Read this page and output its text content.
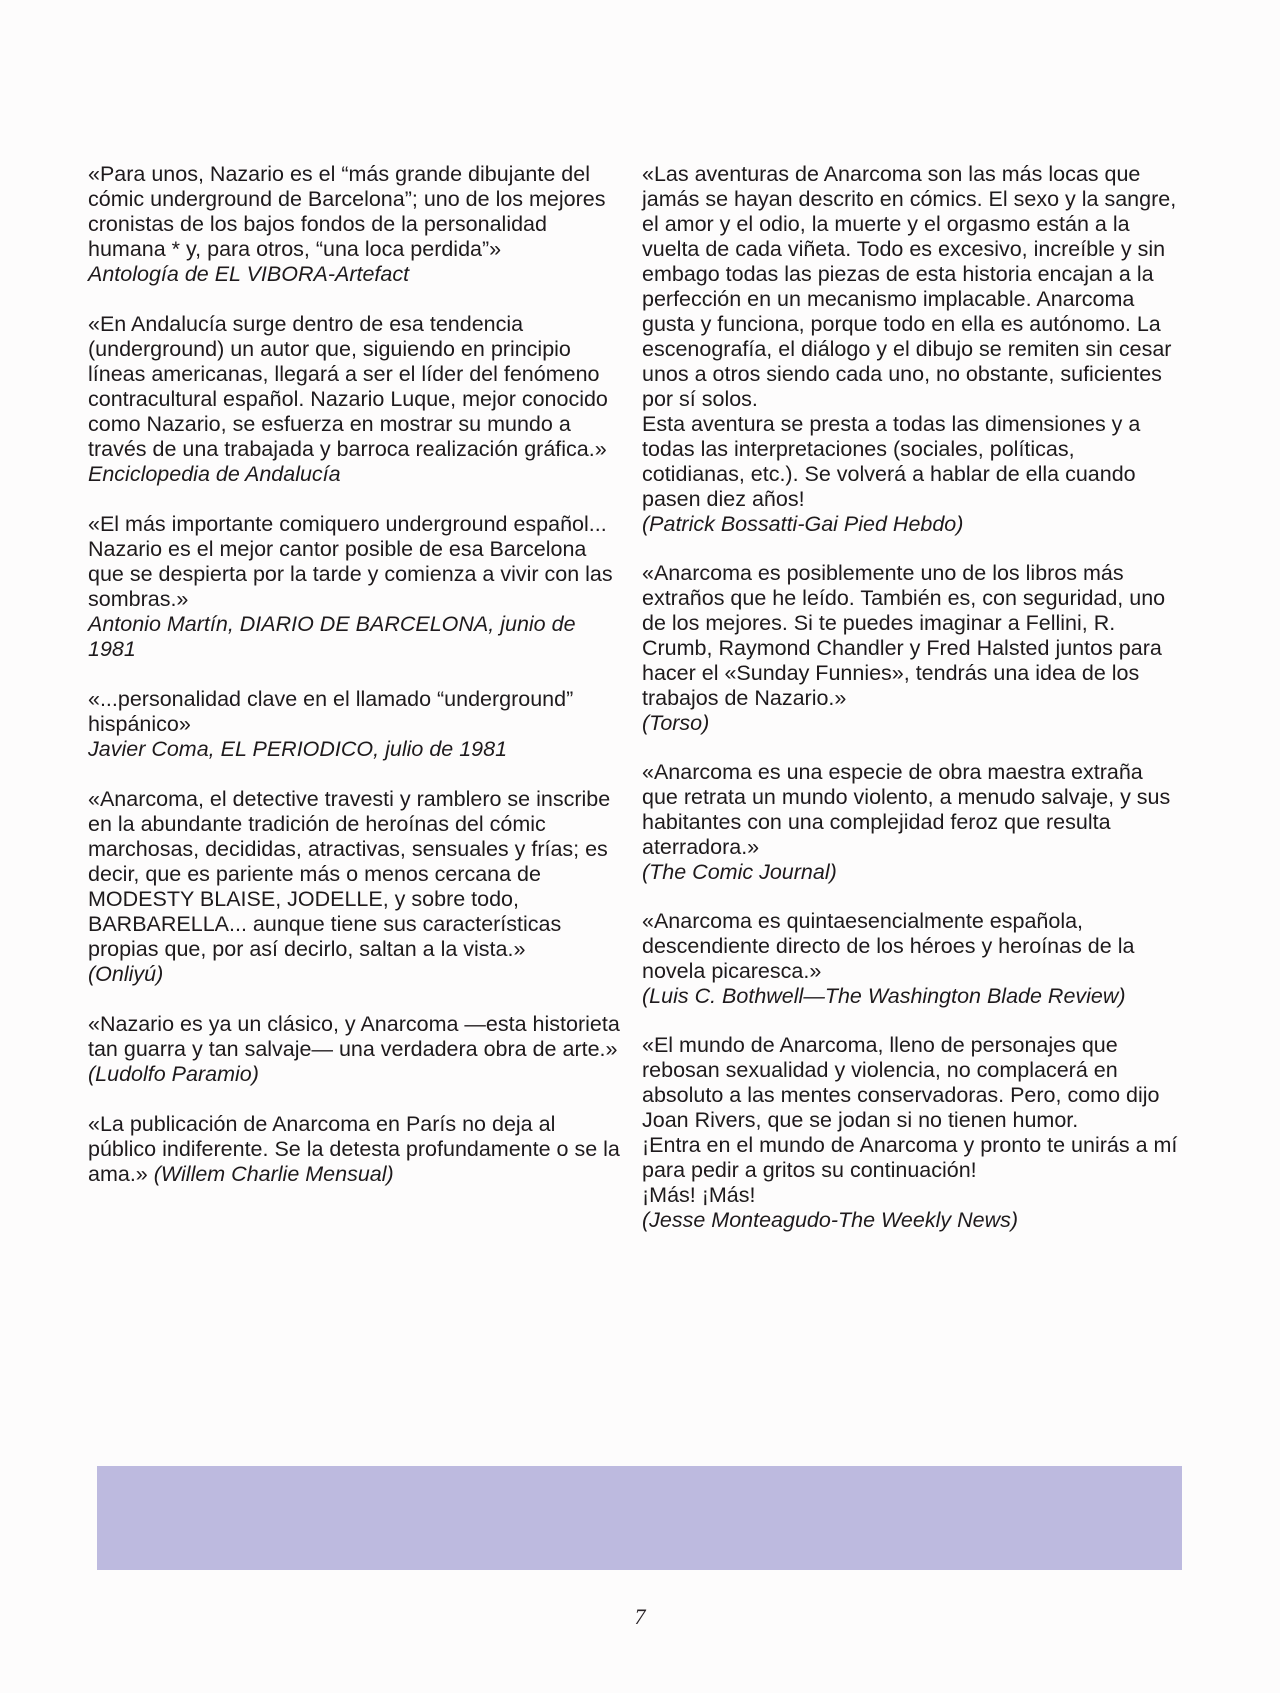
«Para unos, Nazario es el “más grande dibujante del cómic underground de Barcelona”; uno de los mejores cronistas de los bajos fondos de la personalidad humana * y, para otros, “una loca perdida”»
Antología de EL VIBORA-Artefact
«En Andalucía surge dentro de esa tendencia (underground) un autor que, siguiendo en principio líneas americanas, llegará a ser el líder del fenómeno contracultural español. Nazario Luque, mejor conocido como Nazario, se esfuerza en mostrar su mundo a través de una trabajada y barroca realización gráfica.»
Enciclopedia de Andalucía
«El más importante comiquero underground español... Nazario es el mejor cantor posible de esa Barcelona que se despierta por la tarde y comienza a vivir con las sombras.»
Antonio Martín, DIARIO DE BARCELONA, junio de 1981
«...personalidad clave en el llamado “underground” hispánico»
Javier Coma, EL PERIODICO, julio de 1981
«Anarcoma, el detective travesti y ramblero se inscribe en la abundante tradición de heroínas del cómic marchosas, decididas, atractivas, sensuales y frías; es decir, que es pariente más o menos cercana de MODESTY BLAISE, JODELLE, y sobre todo, BARBARELLA... aunque tiene sus características propias que, por así decirlo, saltan a la vista.»
(Onliyú)
«Nazario es ya un clásico, y Anarcoma —esta historieta tan guarra y tan salvaje— una verdadera obra de arte.»
(Ludolfo Paramio)
«La publicación de Anarcoma en París no deja al público indiferente. Se la detesta profundamente o se la ama.» (Willem Charlie Mensual)
«Las aventuras de Anarcoma son las más locas que jamás se hayan descrito en cómics. El sexo y la sangre, el amor y el odio, la muerte y el orgasmo están a la vuelta de cada viñeta. Todo es excesivo, increíble y sin embago todas las piezas de esta historia encajan a la perfección en un mecanismo implacable. Anarcoma gusta y funciona, porque todo en ella es autónomo. La escenografía, el diálogo y el dibujo se remiten sin cesar unos a otros siendo cada uno, no obstante, suficientes por sí solos.
Esta aventura se presta a todas las dimensiones y a todas las interpretaciones (sociales, políticas, cotidianas, etc.). Se volverá a hablar de ella cuando pasen diez años!
(Patrick Bossatti-Gai Pied Hebdo)
«Anarcoma es posiblemente uno de los libros más extraños que he leído. También es, con seguridad, uno de los mejores. Si te puedes imaginar a Fellini, R. Crumb, Raymond Chandler y Fred Halsted juntos para hacer el «Sunday Funnies», tendrás una idea de los trabajos de Nazario.»
(Torso)
«Anarcoma es una especie de obra maestra extraña que retrata un mundo violento, a menudo salvaje, y sus habitantes con una complejidad feroz que resulta aterradora.»
(The Comic Journal)
«Anarcoma es quintaesencialmente española, descendiente directo de los héroes y heroínas de la novela picaresca.»
(Luis C. Bothwell—The Washington Blade Review)
«El mundo de Anarcoma, lleno de personajes que rebosan sexualidad y violencia, no complacerá en absoluto a las mentes conservadoras. Pero, como dijo Joan Rivers, que se jodan si no tienen humor.
¡Entra en el mundo de Anarcoma y pronto te unirás a mí para pedir a gritos su continuación!
¡Más! ¡Más!
(Jesse Monteagudo-The Weekly News)
7
